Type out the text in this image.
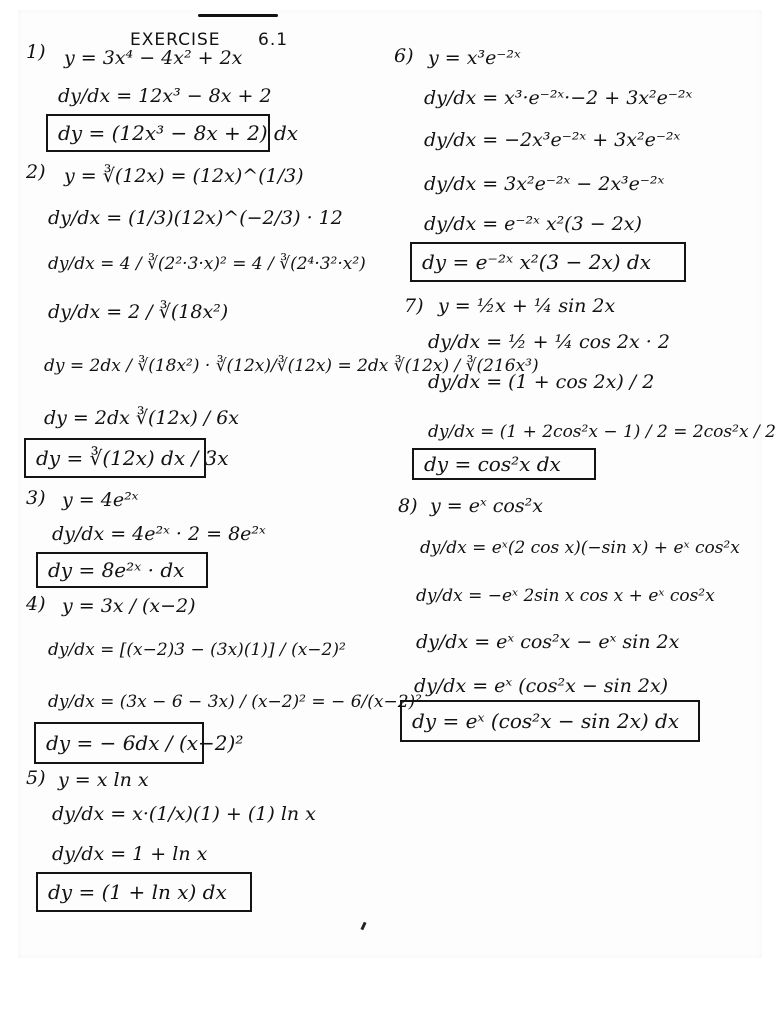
EXERCISE 6.1
1) y = 3x⁴ − 4x² + 2x
dy/dx = 12x³ − 8x + 2
dy = (12x³ − 8x + 2) dx
2) y = ∛(12x) = (12x)^(1/3)
dy/dx = (1/3)(12x)^(−2/3) · 12
dy/dx = 4 / ∛(2²·3·x)² = 4 / ∛(2⁴·3²·x²)
dy/dx = 2 / ∛(18x²)
dy = 2dx / ∛(18x²) · ∛(12x)/∛(12x) = 2dx ∛(12x) / ∛(216x³)
dy = 2dx ∛(12x) / 6x
dy = ∛(12x) dx / 3x
3) y = 4e²ˣ
dy/dx = 4e²ˣ · 2 = 8e²ˣ
dy = 8e²ˣ · dx
4) y = 3x / (x−2)
dy/dx = [(x−2)3 − (3x)(1)] / (x−2)²
dy/dx = (3x − 6 − 3x) / (x−2)² = − 6/(x−2)²
dy = − 6dx / (x−2)²
5) y = x ln x
dy/dx = x·(1/x)(1) + (1) ln x
dy/dx = 1 + ln x
dy = (1 + ln x) dx
6) y = x³e⁻²ˣ
dy/dx = x³·e⁻²ˣ·−2 + 3x²e⁻²ˣ
dy/dx = −2x³e⁻²ˣ + 3x²e⁻²ˣ
dy/dx = 3x²e⁻²ˣ − 2x³e⁻²ˣ
dy/dx = e⁻²ˣ x²(3 − 2x)
dy = e⁻²ˣ x²(3 − 2x) dx
7) y = ½x + ¼ sin 2x
dy/dx = ½ + ¼ cos 2x · 2
dy/dx = (1 + cos 2x) / 2
dy/dx = (1 + 2cos²x − 1) / 2 = 2cos²x / 2
dy = cos²x dx
8) y = eˣ cos²x
dy/dx = eˣ(2 cos x)(−sin x) + eˣ cos²x
dy/dx = −eˣ 2sin x cos x + eˣ cos²x
dy/dx = eˣ cos²x − eˣ sin 2x
dy/dx = eˣ (cos²x − sin 2x)
dy = eˣ (cos²x − sin 2x) dx
